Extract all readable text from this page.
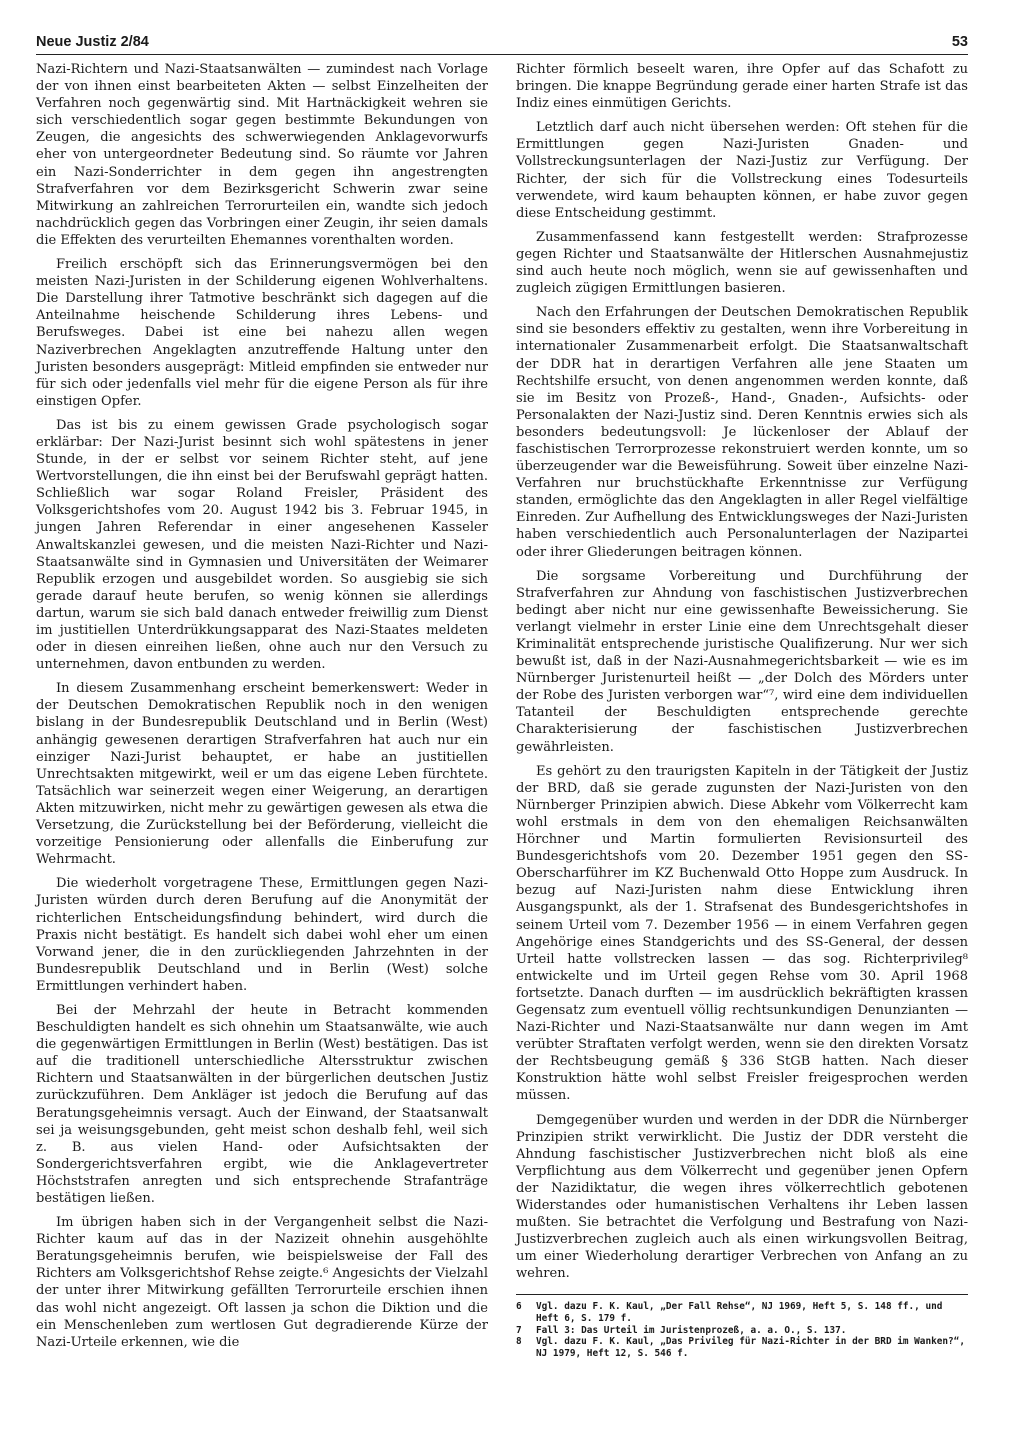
Neue Justiz 2/84	53

Nazi-Richtern und Nazi-Staatsanwälten — zumindest nach Vorlage der von ihnen einst bearbeiteten Akten — selbst Einzelheiten der Verfahren noch gegenwärtig sind. Mit Hartnäckigkeit wehren sie sich verschiedentlich sogar gegen bestimmte Bekundungen von Zeugen, die angesichts des schwerwiegenden Anklagevorwurfs eher von untergeordneter Bedeutung sind. So räumte vor Jahren ein Nazi-Sonderrichter in dem gegen ihn angestrengten Strafverfahren vor dem Bezirksgericht Schwerin zwar seine Mitwirkung an zahlreichen Terrorurteilen ein, wandte sich jedoch nachdrücklich gegen das Vorbringen einer Zeugin, ihr seien damals die Effekten des verurteilten Ehemannes vorenthalten worden.

Freilich erschöpft sich das Erinnerungsvermögen bei den meisten Nazi-Juristen in der Schilderung eigenen Wohlverhaltens. Die Darstellung ihrer Tatmotive beschränkt sich dagegen auf die Anteilnahme heischende Schilderung ihres Lebens- und Berufsweges. Dabei ist eine bei nahezu allen wegen Naziverbrechen Angeklagten anzutreffende Haltung unter den Juristen besonders ausgeprägt: Mitleid empfinden sie entweder nur für sich oder jedenfalls viel mehr für die eigene Person als für ihre einstigen Opfer.

Das ist bis zu einem gewissen Grade psychologisch sogar erklärbar: Der Nazi-Jurist besinnt sich wohl spätestens in jener Stunde, in der er selbst vor seinem Richter steht, auf jene Wertvorstellungen, die ihn einst bei der Berufswahl geprägt hatten. Schließlich war sogar Roland Freisler, Präsident des Volksgerichtshofes vom 20. August 1942 bis 3. Februar 1945, in jungen Jahren Referendar in einer angesehenen Kasseler Anwaltskanzlei gewesen, und die meisten Nazi-Richter und Nazi-Staatsanwälte sind in Gymnasien und Universitäten der Weimarer Republik erzogen und ausgebildet worden. So ausgiebig sie sich gerade darauf heute berufen, so wenig können sie allerdings dartun, warum sie sich bald danach entweder freiwillig zum Dienst im justitiellen Unterdrükkungsapparat des Nazi-Staates meldeten oder in diesen einreihen ließen, ohne auch nur den Versuch zu unternehmen, davon entbunden zu werden.

In diesem Zusammenhang erscheint bemerkenswert: Weder in der Deutschen Demokratischen Republik noch in den wenigen bislang in der Bundesrepublik Deutschland und in Berlin (West) anhängig gewesenen derartigen Strafverfahren hat auch nur ein einziger Nazi-Jurist behauptet, er habe an justitiellen Unrechtsakten mitgewirkt, weil er um das eigene Leben fürchtete. Tatsächlich war seinerzeit wegen einer Weigerung, an derartigen Akten mitzuwirken, nicht mehr zu gewärtigen gewesen als etwa die Versetzung, die Zurückstellung bei der Beförderung, vielleicht die vorzeitige Pensionierung oder allenfalls die Einberufung zur Wehrmacht.

Die wiederholt vorgetragene These, Ermittlungen gegen Nazi-Juristen würden durch deren Berufung auf die Anonymität der richterlichen Entscheidungsfindung behindert, wird durch die Praxis nicht bestätigt. Es handelt sich dabei wohl eher um einen Vorwand jener, die in den zurückliegenden Jahrzehnten in der Bundesrepublik Deutschland und in Berlin (West) solche Ermittlungen verhindert haben.

Bei der Mehrzahl der heute in Betracht kommenden Beschuldigten handelt es sich ohnehin um Staatsanwälte, wie auch die gegenwärtigen Ermittlungen in Berlin (West) bestätigen. Das ist auf die traditionell unterschiedliche Altersstruktur zwischen Richtern und Staatsanwälten in der bürgerlichen deutschen Justiz zurückzuführen. Dem Ankläger ist jedoch die Berufung auf das Beratungsgeheimnis versagt. Auch der Einwand, der Staatsanwalt sei ja weisungsgebunden, geht meist schon deshalb fehl, weil sich z. B. aus vielen Hand- oder Aufsichtsakten der Sondergerichtsverfahren ergibt, wie die Anklagevertreter Höchststrafen anregten und sich entsprechende Strafanträge bestätigen ließen.

Im übrigen haben sich in der Vergangenheit selbst die Nazi-Richter kaum auf das in der Nazizeit ohnehin ausgehöhlte Beratungsgeheimnis berufen, wie beispielsweise der Fall des Richters am Volksgerichtshof Rehse zeigte.⁶ Angesichts der Vielzahl der unter ihrer Mitwirkung gefällten Terrorurteile erschien ihnen das wohl nicht angezeigt. Oft lassen ja schon die Diktion und die ein Menschenleben zum wertlosen Gut degradierende Kürze der Nazi-Urteile erkennen, wie die

Richter förmlich beseelt waren, ihre Opfer auf das Schafott zu bringen. Die knappe Begründung gerade einer harten Strafe ist das Indiz eines einmütigen Gerichts.

Letztlich darf auch nicht übersehen werden: Oft stehen für die Ermittlungen gegen Nazi-Juristen Gnaden- und Vollstreckungsunterlagen der Nazi-Justiz zur Verfügung. Der Richter, der sich für die Vollstreckung eines Todesurteils verwendete, wird kaum behaupten können, er habe zuvor gegen diese Entscheidung gestimmt.

Zusammenfassend kann festgestellt werden: Strafprozesse gegen Richter und Staatsanwälte der Hitlerschen Ausnahmejustiz sind auch heute noch möglich, wenn sie auf gewissenhaften und zugleich zügigen Ermittlungen basieren.

Nach den Erfahrungen der Deutschen Demokratischen Republik sind sie besonders effektiv zu gestalten, wenn ihre Vorbereitung in internationaler Zusammenarbeit erfolgt. Die Staatsanwaltschaft der DDR hat in derartigen Verfahren alle jene Staaten um Rechtshilfe ersucht, von denen angenommen werden konnte, daß sie im Besitz von Prozeß-, Hand-, Gnaden-, Aufsichts- oder Personalakten der Nazi-Justiz sind. Deren Kenntnis erwies sich als besonders bedeutungsvoll: Je lückenloser der Ablauf der faschistischen Terrorprozesse rekonstruiert werden konnte, um so überzeugender war die Beweisführung. Soweit über einzelne Nazi-Verfahren nur bruchstückhafte Erkenntnisse zur Verfügung standen, ermöglichte das den Angeklagten in aller Regel vielfältige Einreden. Zur Aufhellung des Entwicklungsweges der Nazi-Juristen haben verschiedentlich auch Personalunterlagen der Nazipartei oder ihrer Gliederungen beitragen können.

Die sorgsame Vorbereitung und Durchführung der Strafverfahren zur Ahndung von faschistischen Justizverbrechen bedingt aber nicht nur eine gewissenhafte Beweissicherung. Sie verlangt vielmehr in erster Linie eine dem Unrechtsgehalt dieser Kriminalität entsprechende juristische Qualifizerung. Nur wer sich bewußt ist, daß in der Nazi-Ausnahmegerichtsbarkeit — wie es im Nürnberger Juristenurteil heißt — „der Dolch des Mörders unter der Robe des Juristen verborgen war“⁷, wird eine dem individuellen Tatanteil der Beschuldigten entsprechende gerechte Charakterisierung der faschistischen Justizverbrechen gewährleisten.

Es gehört zu den traurigsten Kapiteln in der Tätigkeit der Justiz der BRD, daß sie gerade zugunsten der Nazi-Juristen von den Nürnberger Prinzipien abwich. Diese Abkehr vom Völkerrecht kam wohl erstmals in dem von den ehemaligen Reichsanwälten Hörchner und Martin formulierten Revisionsurteil des Bundesgerichtshofs vom 20. Dezember 1951 gegen den SS-Oberscharführer im KZ Buchenwald Otto Hoppe zum Ausdruck. In bezug auf Nazi-Juristen nahm diese Entwicklung ihren Ausgangspunkt, als der 1. Strafsenat des Bundesgerichtshofes in seinem Urteil vom 7. Dezember 1956 — in einem Verfahren gegen Angehörige eines Standgerichts und des SS-General, der dessen Urteil hatte vollstrecken lassen — das sog. Richterprivileg⁸ entwickelte und im Urteil gegen Rehse vom 30. April 1968 fortsetzte. Danach durften — im ausdrücklich bekräftigten krassen Gegensatz zum eventuell völlig rechtsunkundigen Denunzianten — Nazi-Richter und Nazi-Staatsanwälte nur dann wegen im Amt verübter Straftaten verfolgt werden, wenn sie den direkten Vorsatz der Rechtsbeugung gemäß § 336 StGB hatten. Nach dieser Konstruktion hätte wohl selbst Freisler freigesprochen werden müssen.

Demgegenüber wurden und werden in der DDR die Nürnberger Prinzipien strikt verwirklicht. Die Justiz der DDR versteht die Ahndung faschistischer Justizverbrechen nicht bloß als eine Verpflichtung aus dem Völkerrecht und gegenüber jenen Opfern der Nazidiktatur, die wegen ihres völkerrechtlich gebotenen Widerstandes oder humanistischen Verhaltens ihr Leben lassen mußten. Sie betrachtet die Verfolgung und Bestrafung von Nazi-Justizverbrechen zugleich auch als einen wirkungsvollen Beitrag, um einer Wiederholung derartiger Verbrechen von Anfang an zu wehren.

6	Vgl. dazu F. K. Kaul, „Der Fall Rehse“, NJ 1969, Heft 5, S. 148 ff., und Heft 6, S. 179 f.
7	Fall 3: Das Urteil im Juristenprozeß, a. a. O., S. 137.
8	Vgl. dazu F. K. Kaul, „Das Privileg für Nazi-Richter in der BRD im Wanken?“, NJ 1979, Heft 12, S. 546 f.
